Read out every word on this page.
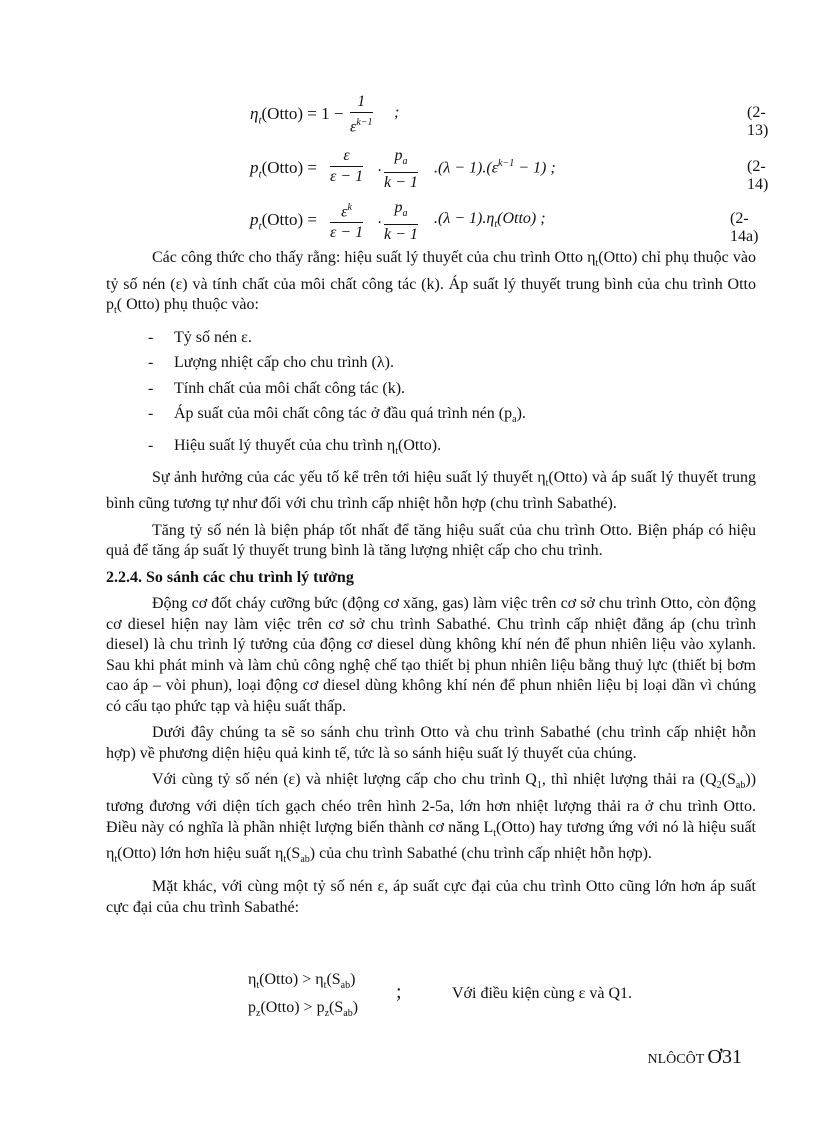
$\eta_t(Otto) = 1 - \frac{1}{\varepsilon^{k-1}}$ ;	(2-13)
$p_t(Otto) = \frac{\varepsilon}{\varepsilon - 1}$ . $\frac{p_a}{k - 1} .(\lambda - 1).(\varepsilon^{k-1} - 1)$ ;	(2-14)
$p_t(Otto) = \frac{\varepsilon^k}{\varepsilon - 1}$ . $\frac{p_a}{k - 1} .(\lambda$ − $1).\eta_t(Otto)$ ;	(2-14a)

Các công thức cho thấy rằng: hiệu suất lý thuyết của chu trình Otto $\eta_t(Otto)$ chỉ phụ thuộc vào tỷ số nén (ε) và tính chất của môi chất công tác (k). Áp suất lý thuyết trung bình của chu trình Otto $p_t$( Otto) phụ thuộc vào:

- Tỷ số nén ε.
- Lượng nhiệt cấp cho chu trình (λ).
- Tính chất của môi chất công tác (k).
- Áp suất của môi chất công tác ở đầu quá trình nén $(p_a)$.
- Hiệu suất lý thuyết của chu trình $\eta_t(Otto)$.

Sự ảnh hưởng của các yếu tố kể trên tới hiệu suất lý thuyết $\eta_t(Otto)$ và áp suất lý thuyết trung bình cũng tương tự như đối với chu trình cấp nhiệt hỗn hợp (chu trình Sabathé).

Tăng tỷ số nén là biện pháp tốt nhất để tăng hiệu suất của chu trình Otto. Biện pháp có hiệu quả để tăng áp suất lý thuyết trung bình là tăng lượng nhiệt cấp cho chu trình.

2.2.4. So sánh các chu trình lý tưởng

Động cơ đốt cháy cưỡng bức (động cơ xăng, gas) làm việc trên cơ sở chu trình Otto, còn động cơ diesel hiện nay làm việc trên cơ sở chu trình Sabathé. Chu trình cấp nhiệt đẳng áp (chu trình diesel) là chu trình lý tưởng của động cơ diesel dùng không khí nén để phun nhiên liệu vào xylanh. Sau khi phát minh và làm chủ công nghệ chế tạo thiết bị phun nhiên liệu bằng thuỷ lực (thiết bị bơm cao áp – vòi phun), loại động cơ diesel dùng không khí nén để phun nhiên liệu bị loại dần vì chúng có cấu tạo phức tạp và hiệu suất thấp.

Dưới đây chúng ta sẽ so sánh chu trình Otto và chu trình Sabathé (chu trình cấp nhiệt hỗn hợp) về phương diện hiệu quả kinh tế, tức là so sánh hiệu suất lý thuyết của chúng.

Với cùng tỷ số nén (ε) và nhiệt lượng cấp cho chu trình $Q_1$, thì nhiệt lượng thải ra $(Q_2(S_{ab}))$ tương đương với diện tích gạch chéo trên hình 2-5a, lớn hơn nhiệt lượng thải ra ở chu trình Otto. Điều này có nghĩa là phần nhiệt lượng biến thành cơ năng $L_t(Otto)$ hay tương ứng với nó là hiệu suất $\eta_t(Otto)$ lớn hơn hiệu suất $\eta_t(S_{ab})$ của chu trình Sabathé (chu trình cấp nhiệt hỗn hợp).

Mặt khác, với cùng một tỷ số nén ε, áp suất cực đại của chu trình Otto cũng lớn hơn áp suất cực đại của chu trình Sabathé:

$\eta_t(Otto) > \eta_t(S_{ab})$
$p_z(Otto) > p_z(S_{ab})$
;	Với điều kiện cùng ε và Q1.
NLÔCÔT Ơ31
